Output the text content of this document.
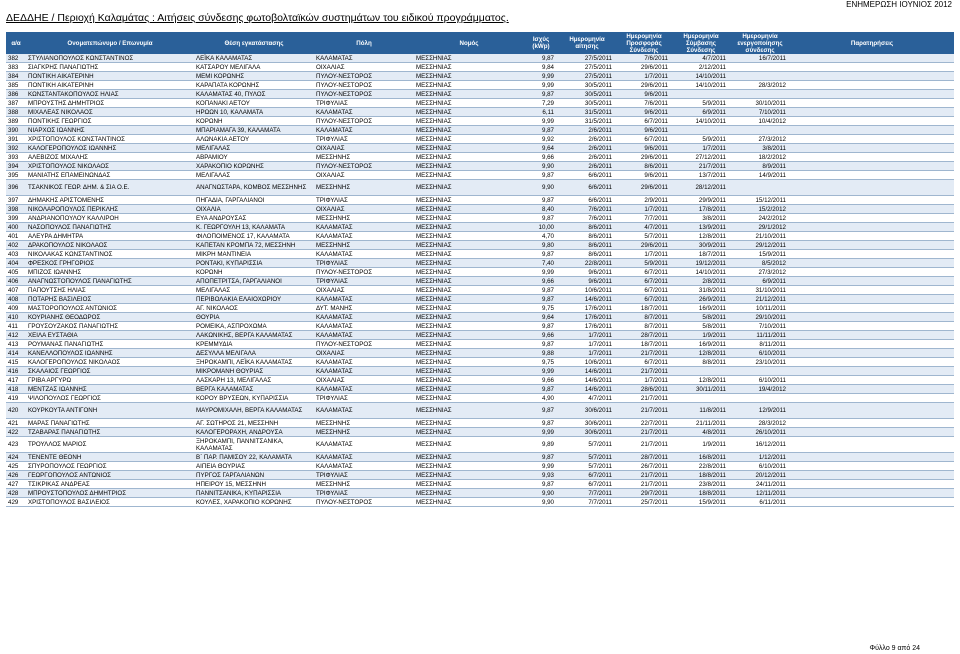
ΕΝΗΜΕΡΩΣΗ ΙΟΥΝΙΟΣ 2012
ΔΕΔΔΗΕ / Περιοχή Καλαμάτας : Αιτήσεις σύνδεσης φωτοβολταϊκών συστημάτων του ειδικού προγράμματος.
α/α	Ονοματεπώνυμο / Επωνυμία	Θέση εγκατάστασης	Πόλη	Νομός	Ισχύς (kWp)	Ημερομηνία αίτησης	Ημερομηνία Προσφοράς Σύνδεσης	Ημερομηνία Σύμβασης Σύνδεσης	Ημερομηνία ενεργοποίησης σύνδεσης	Παρατηρήσεις
382	ΣΤΥΛΙΑΝΟΠΟΥΛΟΣ ΚΩΝΣΤΑΝΤΙΝΟΣ	ΛΕΪΚΑ ΚΑΛΑΜΑΤΑΣ	ΚΑΛΑΜΑΤΑΣ	ΜΕΣΣΗΝΙΑΣ	9,87	27/5/2011	7/6/2011	4/7/2011	16/7/2011	
383	ΣΙΑΓΚΡΗΣ ΠΑΝΑΓΙΩΤΗΣ	ΚΑΤΣΑΡΟΥ ΜΕΛΙΓΑΛΑ	ΟΙΧΑΛΙΑΣ	ΜΕΣΣΗΝΙΑΣ	9,84	27/5/2011	29/6/2011	2/12/2011		
384	ΠΟΝΤΙΚΗ ΑΙΚΑΤΕΡΙΝΗ	ΜΕΜΙ ΚΟΡΩΝΗΣ	ΠΥΛΟΥ-ΝΕΣΤΟΡΟΣ	ΜΕΣΣΗΝΙΑΣ	9,99	27/5/2011	1/7/2011	14/10/2011		
385	ΠΟΝΤΙΚΗ ΑΙΚΑΤΕΡΙΝΗ	ΚΑΡΑΠΑΤΑ ΚΟΡΩΝΗΣ	ΠΥΛΟΥ-ΝΕΣΤΟΡΟΣ	ΜΕΣΣΗΝΙΑΣ	9,99	30/5/2011	29/6/2011	14/10/2011	28/3/2012	
386	ΚΩΝΣΤΑΝΤΑΚΟΠΟΥΛΟΣ ΗΛΙΑΣ	ΚΑΛΑΜΑΤΑΣ 40, ΠΥΛΟΣ	ΠΥΛΟΥ-ΝΕΣΤΟΡΟΣ	ΜΕΣΣΗΝΙΑΣ	9,87	30/5/2011	9/6/2011			
387	ΜΠΡΟΥΣΤΗΣ ΔΗΜΗΤΡΙΟΣ	ΚΟΠΑΝΑΚΙ ΑΕΤΟΥ	ΤΡΙΦΥΛΙΑΣ	ΜΕΣΣΗΝΙΑΣ	7,29	30/5/2011	7/6/2011	5/9/2011	30/10/2011	
388	ΜΙΧΑΛΕΑΣ ΝΙΚΟΛΑΟΣ	ΗΡΩΩΝ 10, ΚΑΛΑΜΑΤΑ	ΚΑΛΑΜΑΤΑΣ	ΜΕΣΣΗΝΙΑΣ	6,11	31/5/2011	9/6/2011	6/9/2011	7/10/2011	
389	ΠΟΝΤΙΚΗΣ ΓΕΩΡΓΙΟΣ	ΚΟΡΩΝΗ	ΠΥΛΟΥ-ΝΕΣΤΟΡΟΣ	ΜΕΣΣΗΝΙΑΣ	9,99	31/5/2011	6/7/2011	14/10/2011	10/4/2012	
390	ΝΙΑΡΧΟΣ ΙΩΑΝΝΗΣ	ΜΠΑΡΙΑΜΑΓΑ 39, ΚΑΛΑΜΑΤΑ	ΚΑΛΑΜΑΤΑΣ	ΜΕΣΣΗΝΙΑΣ	9,87	2/6/2011	9/6/2011			
391	ΧΡΙΣΤΟΠΟΥΛΟΣ ΚΩΝΣΤΑΝΤΙΝΟΣ	ΑΛΩΝΑΚΙΑ ΑΕΤΟΥ	ΤΡΙΦΥΛΙΑΣ	ΜΕΣΣΗΝΙΑΣ	9,92	2/6/2011	6/7/2011	5/9/2011	27/3/2012	
392	ΚΑΛΟΓΕΡΟΠΟΥΛΟΣ ΙΩΑΝΝΗΣ	ΜΕΛΙΓΑΛΑΣ	ΟΙΧΑΛΙΑΣ	ΜΕΣΣΗΝΙΑΣ	9,64	2/6/2011	9/6/2011	1/7/2011	3/8/2011	
393	ΑΛΕΒΙΖΟΣ ΜΙΧΑΛΗΣ	ΑΒΡΑΜΙΟΥ	ΜΕΣΣΗΝΗΣ	ΜΕΣΣΗΝΙΑΣ	9,66	2/6/2011	29/6/2011	27/12/2011	18/2/2012	
394	ΧΡΙΣΤΟΠΟΥΛΟΣ ΝΙΚΟΛΑΟΣ	ΧΑΡΑΚΟΠΙΟ ΚΟΡΩΝΗΣ	ΠΥΛΟΥ-ΝΕΣΤΟΡΟΣ	ΜΕΣΣΗΝΙΑΣ	9,90	2/6/2011	8/6/2011	21/7/2011	8/9/2011	
395	ΜΑΝΙΑΤΗΣ ΕΠΑΜΕΙΝΩΝΔΑΣ	ΜΕΛΙΓΑΛΑΣ	ΟΙΧΑΛΙΑΣ	ΜΕΣΣΗΝΙΑΣ	9,87	6/6/2011	9/6/2011	13/7/2011	14/9/2011	
396	ΤΣΑΚΝΙΚΟΣ ΓΕΩΡ. ΔΗΜ. & ΣΙΑ Ο.Ε.	ΑΝΑΓΝΩΣΤΑΡΑ, ΚΟΜΒΟΣ ΜΕΣΣΗΝΗΣ	ΜΕΣΣΗΝΗΣ	ΜΕΣΣΗΝΙΑΣ	9,90	6/6/2011	29/6/2011	28/12/2011		
397	ΔΗΜΑΚΗΣ ΑΡΙΣΤΟΜΕΝΗΣ	ΠΗΓΑΔΙΑ, ΓΑΡΓΑΛΙΑΝΟΙ	ΤΡΙΦΥΛΙΑΣ	ΜΕΣΣΗΝΙΑΣ	9,87	6/6/2011	2/9/2011	29/9/2011	15/12/2011	
398	ΝΙΚΟΛΑΡΟΠΟΥΛΟΣ ΠΕΡΙΚΛΗΣ	ΟΙΧΑΛΙΑ	ΟΙΧΑΛΙΑΣ	ΜΕΣΣΗΝΙΑΣ	8,40	7/6/2011	1/7/2011	17/8/2011	15/2/2012	
399	ΑΝΔΡΙΑΝΟΠΟΥΛΟΥ ΚΑΛΛΙΡΟΗ	ΕΥΑ ΑΝΔΡΟΥΣΑΣ	ΜΕΣΣΗΝΗΣ	ΜΕΣΣΗΝΙΑΣ	9,87	7/6/2011	7/7/2011	3/8/2011	24/2/2012	
400	ΝΑΣΟΠΟΥΛΟΣ ΠΑΝΑΓΙΩΤΗΣ	Κ. ΓΕΩΡΓΟΥΛΗ 13, ΚΑΛΑΜΑΤΑ	ΚΑΛΑΜΑΤΑΣ	ΜΕΣΣΗΝΙΑΣ	10,00	8/6/2011	4/7/2011	13/9/2011	29/1/2012	
401	ΑΛΕΥΡΑ ΔΗΜΗΤΡΑ	ΦΙΛΟΠΟΙΜΕΝΟΣ 17, ΚΑΛΑΜΑΤΑ	ΚΑΛΑΜΑΤΑΣ	ΜΕΣΣΗΝΙΑΣ	4,70	8/6/2011	5/7/2011	12/8/2011	21/10/2011	
402	ΔΡΑΚΟΠΟΥΛΟΣ ΝΙΚΟΛΑΟΣ	ΚΑΠΕΤΑΝ ΚΡΟΜΠΑ 72, ΜΕΣΣΗΝΗ	ΜΕΣΣΗΝΗΣ	ΜΕΣΣΗΝΙΑΣ	9,80	8/6/2011	29/6/2011	30/9/2011	29/12/2011	
403	ΝΙΚΟΛΑΚΑΣ ΚΩΝΣΤΑΝΤΙΝΟΣ	ΜΙΚΡΗ ΜΑΝΤΙΝΕΙΑ	ΚΑΛΑΜΑΤΑΣ	ΜΕΣΣΗΝΙΑΣ	9,87	8/6/2011	1/7/2011	18/7/2011	15/9/2011	
404	ΦΡΕΣΚΟΣ ΓΡΗΓΟΡΙΟΣ	ΡΟΝΤΑΚΙ, ΚΥΠΑΡΙΣΣΙΑ	ΤΡΙΦΥΛΙΑΣ	ΜΕΣΣΗΝΙΑΣ	7,40	22/8/2011	5/9/2011	19/12/2011	8/5/2012	
405	ΜΠΙΖΟΣ ΙΩΑΝΝΗΣ	ΚΟΡΩΝΗ	ΠΥΛΟΥ-ΝΕΣΤΟΡΟΣ	ΜΕΣΣΗΝΙΑΣ	9,99	9/6/2011	6/7/2011	14/10/2011	27/3/2012	
406	ΑΝΑΓΝΩΣΤΟΠΟΥΛΟΣ ΠΑΝΑΓΙΩΤΗΣ	ΑΠΟΠΕΤΡΙΤΣΑ, ΓΑΡΓΑΛΙΑΝΟΙ	ΤΡΙΦΥΛΙΑΣ	ΜΕΣΣΗΝΙΑΣ	9,66	9/6/2011	6/7/2011	2/8/2011	6/9/2011	
407	ΠΑΠΟΥΤΣΗΣ ΗΛΙΑΣ	ΜΕΛΙΓΑΛΑΣ	ΟΙΧΑΛΙΑΣ	ΜΕΣΣΗΝΙΑΣ	9,87	10/6/2011	6/7/2011	31/8/2011	31/10/2011	
408	ΠΟΤΑΡΗΣ ΒΑΣΙΛΕΙΟΣ	ΠΕΡΙΒΟΛΑΚΙΑ ΕΛΑΙΟΧΩΡΙΟΥ	ΚΑΛΑΜΑΤΑΣ	ΜΕΣΣΗΝΙΑΣ	9,87	14/6/2011	6/7/2011	26/9/2011	21/12/2011	
409	ΜΑΣΤΟΡΟΠΟΥΛΟΣ ΑΝΤΩΝΙΟΣ	ΑΓ. ΝΙΚΟΛΑΟΣ	ΔΥΤ. ΜΑΝΗΣ	ΜΕΣΣΗΝΙΑΣ	9,75	17/6/2011	18/7/2011	16/9/2011	10/11/2011	
410	ΚΟΥΡΙΑΝΗΣ ΘΕΟΔΩΡΟΣ	ΘΟΥΡΙΑ	ΚΑΛΑΜΑΤΑΣ	ΜΕΣΣΗΝΙΑΣ	9,64	17/6/2011	8/7/2011	5/8/2011	29/10/2011	
411	ΓΡΟΥΣΟΥΖΑΚΟΣ ΠΑΝΑΓΙΩΤΗΣ	ΡΟΜΕΙΚΑ, ΑΣΠΡΟΧΩΜΑ	ΚΑΛΑΜΑΤΑΣ	ΜΕΣΣΗΝΙΑΣ	9,87	17/6/2011	8/7/2011	5/8/2011	7/10/2011	
412	ΧΕΙΛΑ ΕΥΣΤΑΘΙΑ	ΛΑΚΩΝΙΚΗΣ, ΒΕΡΓΑ ΚΑΛΑΜΑΤΑΣ	ΚΑΛΑΜΑΤΑΣ	ΜΕΣΣΗΝΙΑΣ	9,66	1/7/2011	28/7/2011	1/9/2011	11/11/2011	
413	ΡΟΥΜΑΝΑΣ ΠΑΝΑΓΙΩΤΗΣ	ΚΡΕΜΜΥΔΙΑ	ΠΥΛΟΥ-ΝΕΣΤΟΡΟΣ	ΜΕΣΣΗΝΙΑΣ	9,87	1/7/2011	18/7/2011	16/9/2011	8/11/2011	
414	ΚΑΝΕΛΛΟΠΟΥΛΟΣ ΙΩΑΝΝΗΣ	ΔΕΣΥΛΛΑ ΜΕΛΙΓΑΛΑ	ΟΙΧΑΛΙΑΣ	ΜΕΣΣΗΝΙΑΣ	9,88	1/7/2011	21/7/2011	12/8/2011	6/10/2011	
415	ΚΑΛΟΓΕΡΟΠΟΥΛΟΣ ΝΙΚΟΛΑΟΣ	ΞΗΡΟΚΑΜΠΙ, ΛΕΪΚΑ ΚΑΛΑΜΑΤΑΣ	ΚΑΛΑΜΑΤΑΣ	ΜΕΣΣΗΝΙΑΣ	9,75	10/6/2011	6/7/2011	8/8/2011	23/10/2011	
416	ΣΚΑΛΑΙΟΣ ΓΕΩΡΓΙΟΣ	ΜΙΚΡΟΜΑΝΗ ΘΟΥΡΙΑΣ	ΚΑΛΑΜΑΤΑΣ	ΜΕΣΣΗΝΙΑΣ	9,99	14/6/2011	21/7/2011			
417	ΓΡΙΒΑ ΑΡΓΥΡΩ	ΛΑΣΚΑΡΗ 13, ΜΕΛΙΓΑΛΑΣ	ΟΙΧΑΛΙΑΣ	ΜΕΣΣΗΝΙΑΣ	9,66	14/6/2011	1/7/2011	12/8/2011	6/10/2011	
418	ΜΕΝΤΖΑΣ ΙΩΑΝΝΗΣ	ΒΕΡΓΑ ΚΑΛΑΜΑΤΑΣ	ΚΑΛΑΜΑΤΑΣ	ΜΕΣΣΗΝΙΑΣ	9,87	14/6/2011	28/6/2011	30/11/2011	19/4/2012	
419	ΨΙΛΟΠΟΥΛΟΣ ΓΕΩΡΓΙΟΣ	ΚΟΡΟΥ ΒΡΥΣΕΩΝ, ΚΥΠΑΡΙΣΣΙΑ	ΤΡΙΦΥΛΙΑΣ	ΜΕΣΣΗΝΙΑΣ	4,90	4/7/2011	21/7/2011			
420	ΚΟΥΡΚΟΥΤΑ ΑΝΤΙΓΟΝΗ	ΜΑΥΡΟΜΙΧΑΛΗ, ΒΕΡΓΑ ΚΑΛΑΜΑΤΑΣ	ΚΑΛΑΜΑΤΑΣ	ΜΕΣΣΗΝΙΑΣ	9,87	30/6/2011	21/7/2011	11/8/2011	12/9/2011	
421	ΜΑΡΑΣ ΠΑΝΑΓΙΩΤΗΣ	ΑΓ. ΣΩΤΗΡΟΣ 21, ΜΕΣΣΗΝΗ	ΜΕΣΣΗΝΗΣ	ΜΕΣΣΗΝΙΑΣ	9,87	30/6/2011	22/7/2011	21/11/2011	28/3/2012	
422	ΤΖΑΒΑΡΑΣ ΠΑΝΑΓΙΩΤΗΣ	ΚΑΛΟΓΕΡΟΡΑΧΗ, ΑΝΔΡΟΥΣΑ	ΜΕΣΣΗΝΗΣ	ΜΕΣΣΗΝΙΑΣ	9,99	30/6/2011	21/7/2011	4/8/2011	26/10/2011	
423	ΤΡΟΥΛΛΟΣ ΜΑΡΙΟΣ	ΞΗΡΟΚΑΜΠΙ, ΠΑΝΝΙΤΣΑΝΙΚΑ, ΚΑΛΑΜΑΤΑΣ	ΚΑΛΑΜΑΤΑΣ	ΜΕΣΣΗΝΙΑΣ	9,89	5/7/2011	21/7/2011	1/9/2011	16/12/2011	
424	ΤΕΝΕΝΤΕ ΘΕΟΝΗ	Β΄ ΠΑΡ. ΠΑΜΙΣΟΥ 22, ΚΑΛΑΜΑΤΑ	ΚΑΛΑΜΑΤΑΣ	ΜΕΣΣΗΝΙΑΣ	9,87	5/7/2011	28/7/2011	16/8/2011	1/12/2011	
425	ΣΠΥΡΟΠΟΥΛΟΣ ΓΕΩΡΓΙΟΣ	ΑΙΠΕΙΑ ΘΟΥΡΙΑΣ	ΚΑΛΑΜΑΤΑΣ	ΜΕΣΣΗΝΙΑΣ	9,99	5/7/2011	26/7/2011	22/8/2011	6/10/2011	
426	ΓΕΩΡΓΟΠΟΥΛΟΣ ΑΝΤΩΝΙΟΣ	ΠΥΡΓΟΣ ΓΑΡΓΑΛΙΑΝΩΝ	ΤΡΙΦΥΛΙΑΣ	ΜΕΣΣΗΝΙΑΣ	9,93	6/7/2011	21/7/2011	18/8/2011	20/12/2011	
427	ΤΣΙΚΡΙΚΑΣ ΑΝΔΡΕΑΣ	ΗΠΕΙΡΟΥ 15, ΜΕΣΣΗΝΗ	ΜΕΣΣΗΝΗΣ	ΜΕΣΣΗΝΙΑΣ	9,87	6/7/2011	21/7/2011	23/8/2011	24/11/2011	
428	ΜΠΡΟΥΣΤΟΠΟΥΛΟΣ ΔΗΜΗΤΡΙΟΣ	ΠΑΝΝΙΤΣΑΝΙΚΑ, ΚΥΠΑΡΙΣΣΙΑ	ΤΡΙΦΥΛΙΑΣ	ΜΕΣΣΗΝΙΑΣ	9,90	7/7/2011	29/7/2011	18/8/2011	12/11/2011	
429	ΧΡΙΣΤΟΠΟΥΛΟΣ ΒΑΣΙΛΕΙΟΣ	ΚΟΥΛΕΣ, ΧΑΡΑΚΟΠΙΟ ΚΟΡΩΝΗΣ	ΠΥΛΟΥ-ΝΕΣΤΟΡΟΣ	ΜΕΣΣΗΝΙΑΣ	9,90	7/7/2011	25/7/2011	15/9/2011	6/11/2011	
Φύλλο 9 από 24
